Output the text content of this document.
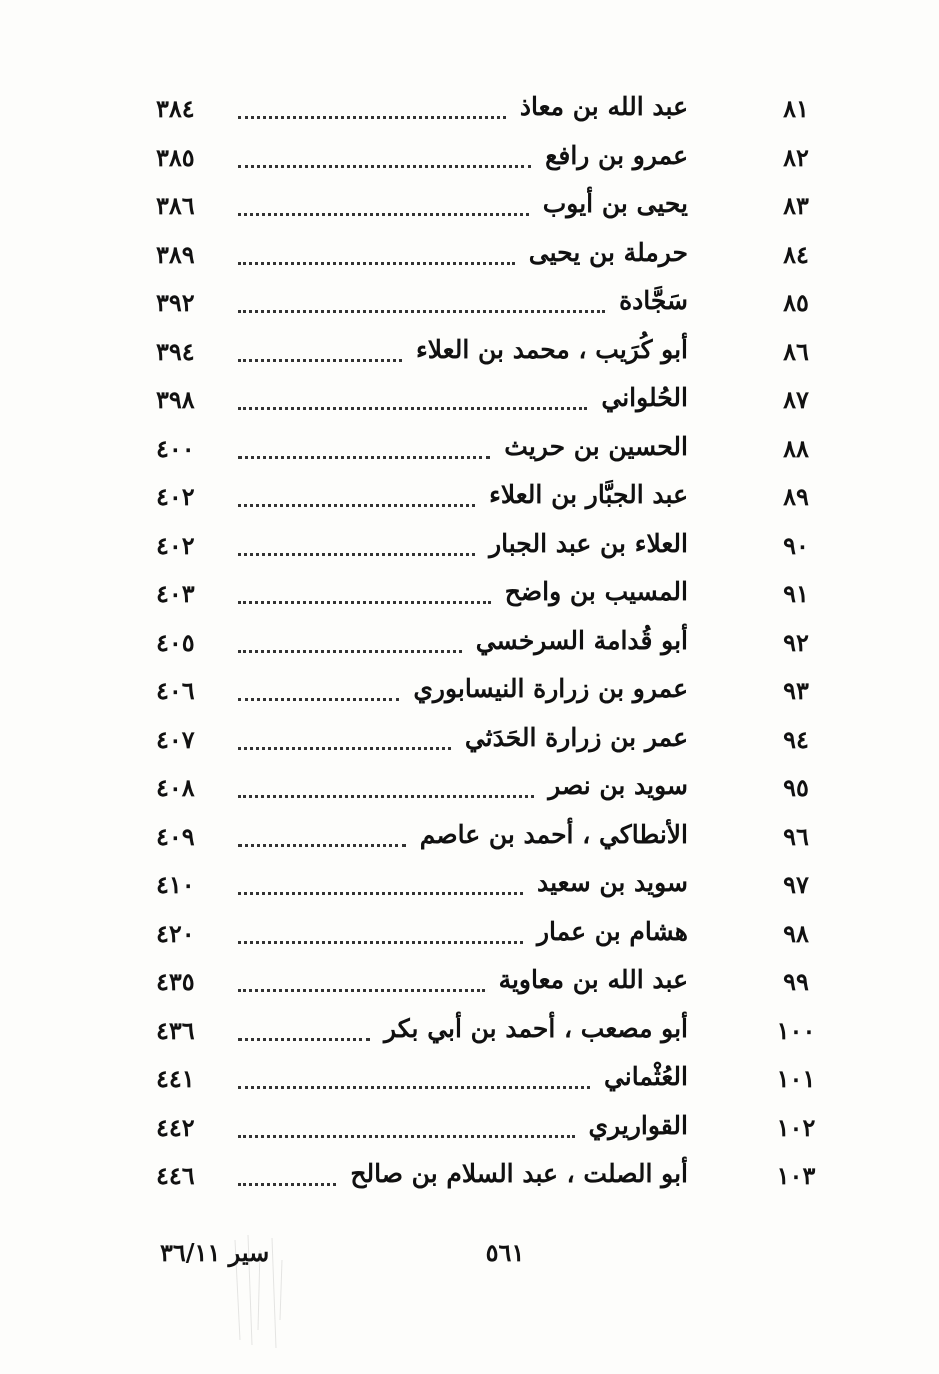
٨١
عبد الله بن معاذ
٣٨٤
٨٢
عمرو بن رافع
٣٨٥
٨٣
يحيى بن أيوب
٣٨٦
٨٤
حرملة بن يحيى
٣٨٩
٨٥
سَجَّادة
٣٩٢
٨٦
أبو كُرَيب ، محمد بن العلاء
٣٩٤
٨٧
الحُلواني
٣٩٨
٨٨
الحسين بن حريث
٤٠٠
٨٩
عبد الجبَّار بن العلاء
٤٠٢
٩٠
العلاء بن عبد الجبار
٤٠٢
٩١
المسيب بن واضح
٤٠٣
٩٢
أبو قُدامة السرخسي
٤٠٥
٩٣
عمرو بن زرارة النيسابوري
٤٠٦
٩٤
عمر بن زرارة الحَدَثي
٤٠٧
٩٥
سويد بن نصر
٤٠٨
٩٦
الأنطاكي ، أحمد بن عاصم
٤٠٩
٩٧
سويد بن سعيد
٤١٠
٩٨
هشام بن عمار
٤٢٠
٩٩
عبد الله بن معاوية
٤٣٥
١٠٠
أبو مصعب ، أحمد بن أبي بكر
٤٣٦
١٠١
العُثْماني
٤٤١
١٠٢
القواريري
٤٤٢
١٠٣
أبو الصلت ، عبد السلام بن صالح
٤٤٦
٥٦١
سير ٣٦/١١
